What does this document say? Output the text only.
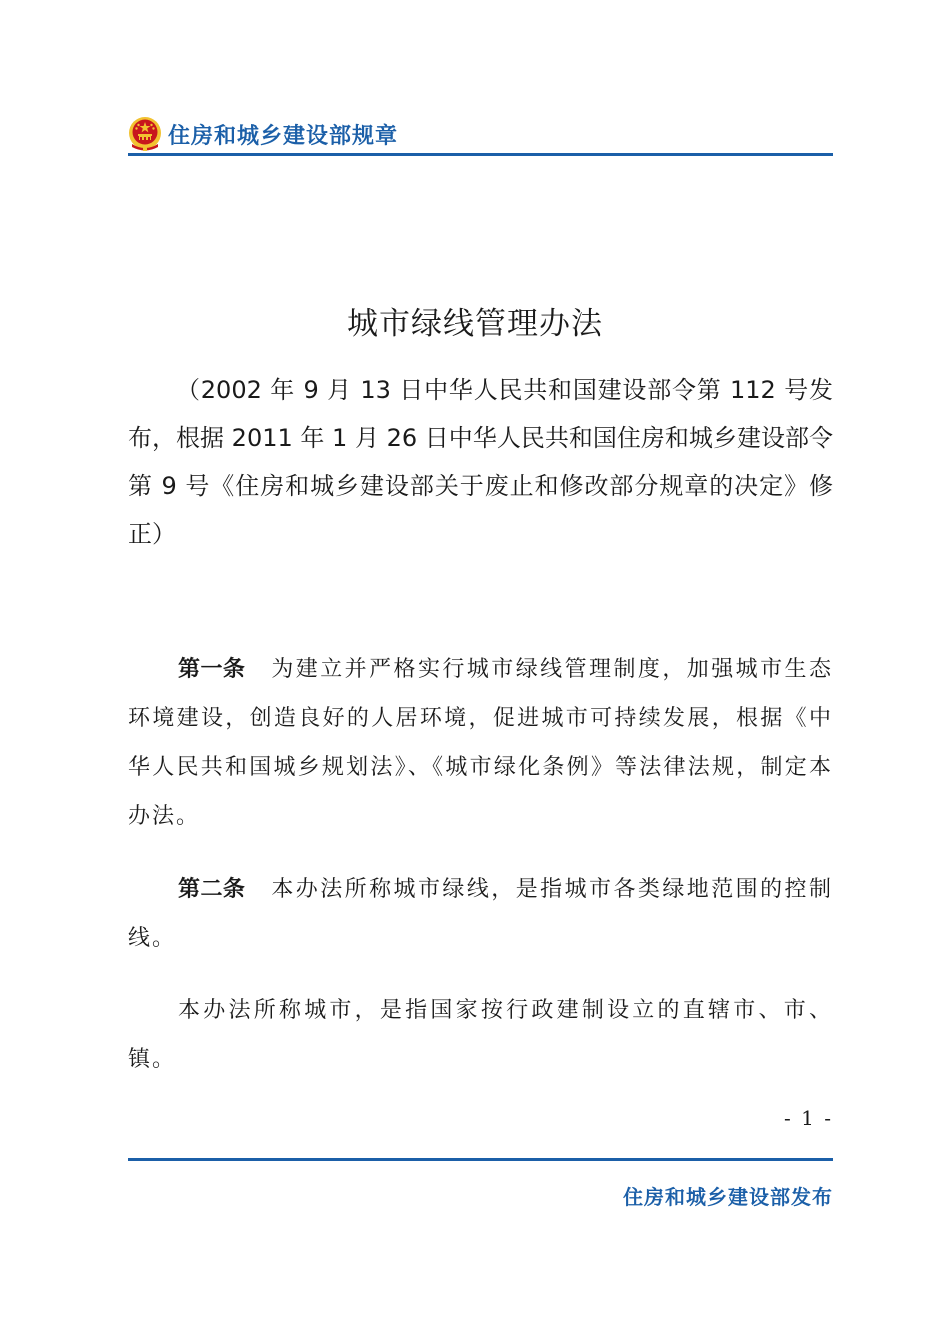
住房和城乡建设部规章
城市绿线管理办法
（2002 年 9 月 13 日中华人民共和国建设部令第 112 号发布，根据 2011 年 1 月 26 日中华人民共和国住房和城乡建设部令第 9 号《住房和城乡建设部关于废止和修改部分规章的决定》修正）
第一条 为建立并严格实行城市绿线管理制度，加强城市生态环境建设，创造良好的人居环境，促进城市可持续发展，根据《中华人民共和国城乡规划法》、《城市绿化条例》等法律法规，制定本办法。
第二条 本办法所称城市绿线，是指城市各类绿地范围的控制线。
本办法所称城市，是指国家按行政建制设立的直辖市、市、镇。
- 1 -
住房和城乡建设部发布
